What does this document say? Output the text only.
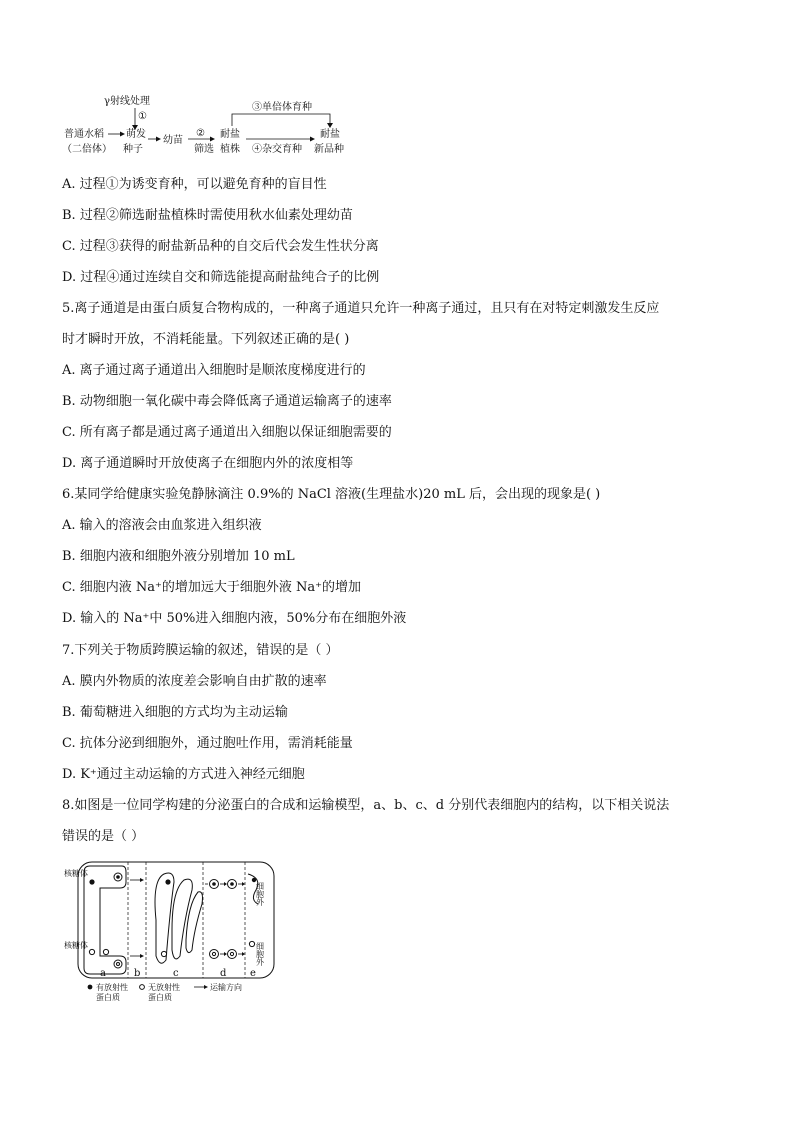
γ射线处理
①
普通水稻
（二倍体）
萌发
种子
幼苗
②
筛选
耐盐
植株
③单倍体育种
④杂交育种
耐盐
新品种
A. 过程①为诱变育种，可以避免育种的盲目性
B. 过程②筛选耐盐植株时需使用秋水仙素处理幼苗
C. 过程③获得的耐盐新品种的自交后代会发生性状分离
D. 过程④通过连续自交和筛选能提高耐盐纯合子的比例
5.离子通道是由蛋白质复合物构成的，一种离子通道只允许一种离子通过，且只有在对特定刺激发生反应
时才瞬时开放，不消耗能量。下列叙述正确的是( )
A. 离子通过离子通道出入细胞时是顺浓度梯度进行的
B. 动物细胞一氧化碳中毒会降低离子通道运输离子的速率
C. 所有离子都是通过离子通道出入细胞以保证细胞需要的
D. 离子通道瞬时开放使离子在细胞内外的浓度相等
6.某同学给健康实验兔静脉滴注 0.9%的 NaCl 溶液(生理盐水)20 mL 后，会出现的现象是( )
A. 输入的溶液会由血浆进入组织液
B. 细胞内液和细胞外液分别增加 10 mL
C. 细胞内液 Na⁺的增加远大于细胞外液 Na⁺的增加
D. 输入的 Na⁺中 50%进入细胞内液，50%分布在细胞外液
7.下列关于物质跨膜运输的叙述，错误的是（ ）
A. 膜内外物质的浓度差会影响自由扩散的速率
B. 葡萄糖进入细胞的方式均为主动运输
C. 抗体分泌到细胞外，通过胞吐作用，需消耗能量
D. K⁺通过主动运输的方式进入神经元细胞
8.如图是一位同学构建的分泌蛋白的合成和运输模型，a、b、c、d 分别代表细胞内的结构，以下相关说法
错误的是（ ）
核糖体
核糖体
细胞外
细胞外
a	b	c	d e
有放射性
蛋白质
无放射性
蛋白质
运输方向
